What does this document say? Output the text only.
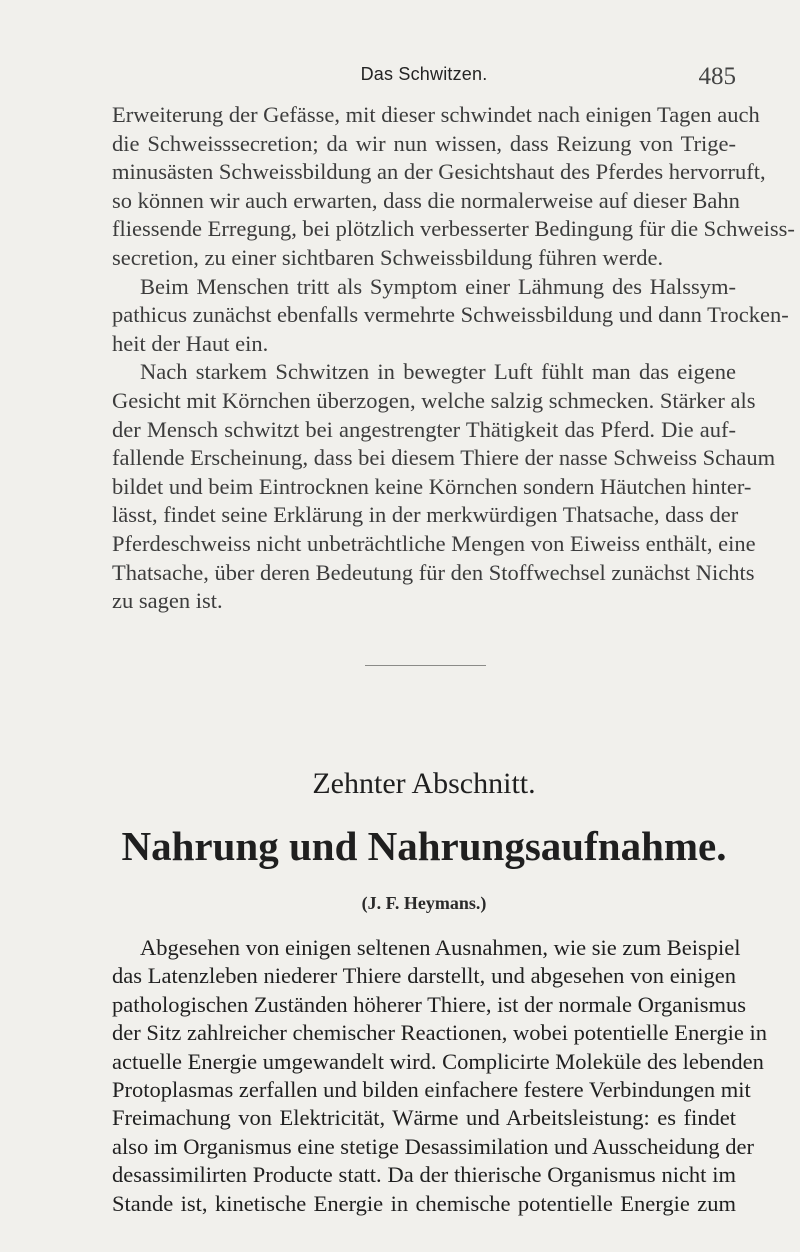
Das Schwitzen.	485
Erweiterung der Gefässe, mit dieser schwindet nach einigen Tagen auch
die Schweisssecretion; da wir nun wissen, dass Reizung von Trige-
minusästen Schweissbildung an der Gesichtshaut des Pferdes hervorruft,
so können wir auch erwarten, dass die normalerweise auf dieser Bahn
fliessende Erregung, bei plötzlich verbesserter Bedingung für die Schweiss-
secretion, zu einer sichtbaren Schweissbildung führen werde.
Beim Menschen tritt als Symptom einer Lähmung des Halssym-
pathicus zunächst ebenfalls vermehrte Schweissbildung und dann Trocken-
heit der Haut ein.
Nach starkem Schwitzen in bewegter Luft fühlt man das eigene
Gesicht mit Körnchen überzogen, welche salzig schmecken. Stärker als
der Mensch schwitzt bei angestrengter Thätigkeit das Pferd. Die auf-
fallende Erscheinung, dass bei diesem Thiere der nasse Schweiss Schaum
bildet und beim Eintrocknen keine Körnchen sondern Häutchen hinter-
lässt, findet seine Erklärung in der merkwürdigen Thatsache, dass der
Pferdeschweiss nicht unbeträchtliche Mengen von Eiweiss enthält, eine
Thatsache, über deren Bedeutung für den Stoffwechsel zunächst Nichts
zu sagen ist.
Zehnter Abschnitt.
Nahrung und Nahrungsaufnahme.
(J. F. Heymans.)
Abgesehen von einigen seltenen Ausnahmen, wie sie zum Beispiel
das Latenzleben niederer Thiere darstellt, und abgesehen von einigen
pathologischen Zuständen höherer Thiere, ist der normale Organismus
der Sitz zahlreicher chemischer Reactionen, wobei potentielle Energie in
actuelle Energie umgewandelt wird. Complicirte Moleküle des lebenden
Protoplasmas zerfallen und bilden einfachere festere Verbindungen mit
Freimachung von Elektricität, Wärme und Arbeitsleistung: es findet
also im Organismus eine stetige Desassimilation und Ausscheidung der
desassimilirten Producte statt. Da der thierische Organismus nicht im
Stande ist, kinetische Energie in chemische potentielle Energie zum
